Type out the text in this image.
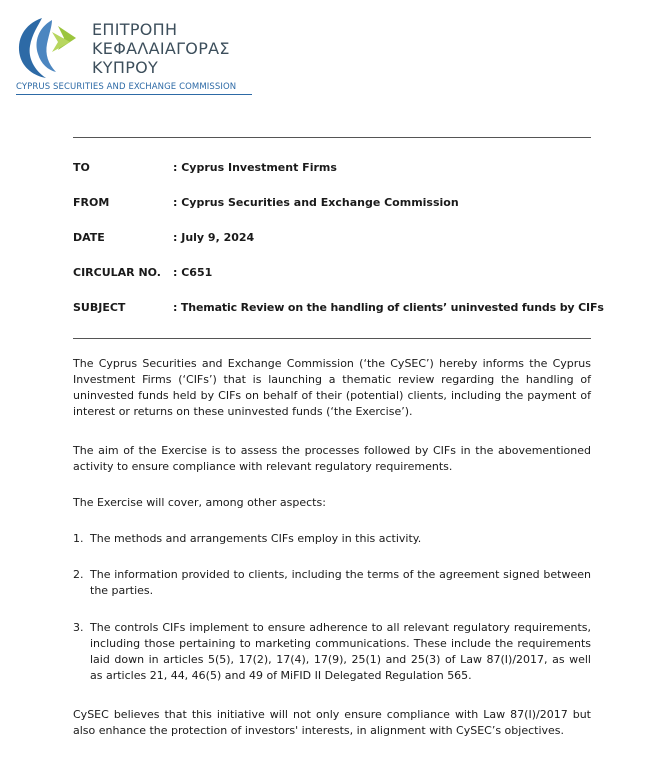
ΕΠΙΤΡΟΠΗ
ΚΕΦΑΛΑΙΑΓΟΡΑΣ
ΚΥΠΡΟΥ
CYPRUS SECURITIES AND EXCHANGE COMMISSION
TO	: Cyprus Investment Firms
FROM	: Cyprus Securities and Exchange Commission
DATE	: July 9, 2024
CIRCULAR NO. : C651
SUBJECT	: Thematic Review on the handling of clients’ uninvested funds by CIFs
The Cyprus Securities and Exchange Commission (‘the CySEC’) hereby informs the Cyprus Investment Firms (‘CIFs’) that is launching a thematic review regarding the handling of uninvested funds held by CIFs on behalf of their (potential) clients, including the payment of interest or returns on these uninvested funds (‘the Exercise’).
The aim of the Exercise is to assess the processes followed by CIFs in the abovementioned activity to ensure compliance with relevant regulatory requirements.
The Exercise will cover, among other aspects:
1. The methods and arrangements CIFs employ in this activity.
2. The information provided to clients, including the terms of the agreement signed between the parties.
3. The controls CIFs implement to ensure adherence to all relevant regulatory requirements, including those pertaining to marketing communications. These include the requirements laid down in articles 5(5), 17(2), 17(4), 17(9), 25(1) and 25(3) of Law 87(I)/2017, as well as articles 21, 44, 46(5) and 49 of MiFID II Delegated Regulation 565.
CySEC believes that this initiative will not only ensure compliance with Law 87(I)/2017 but also enhance the protection of investors' interests, in alignment with CySEC’s objectives.
